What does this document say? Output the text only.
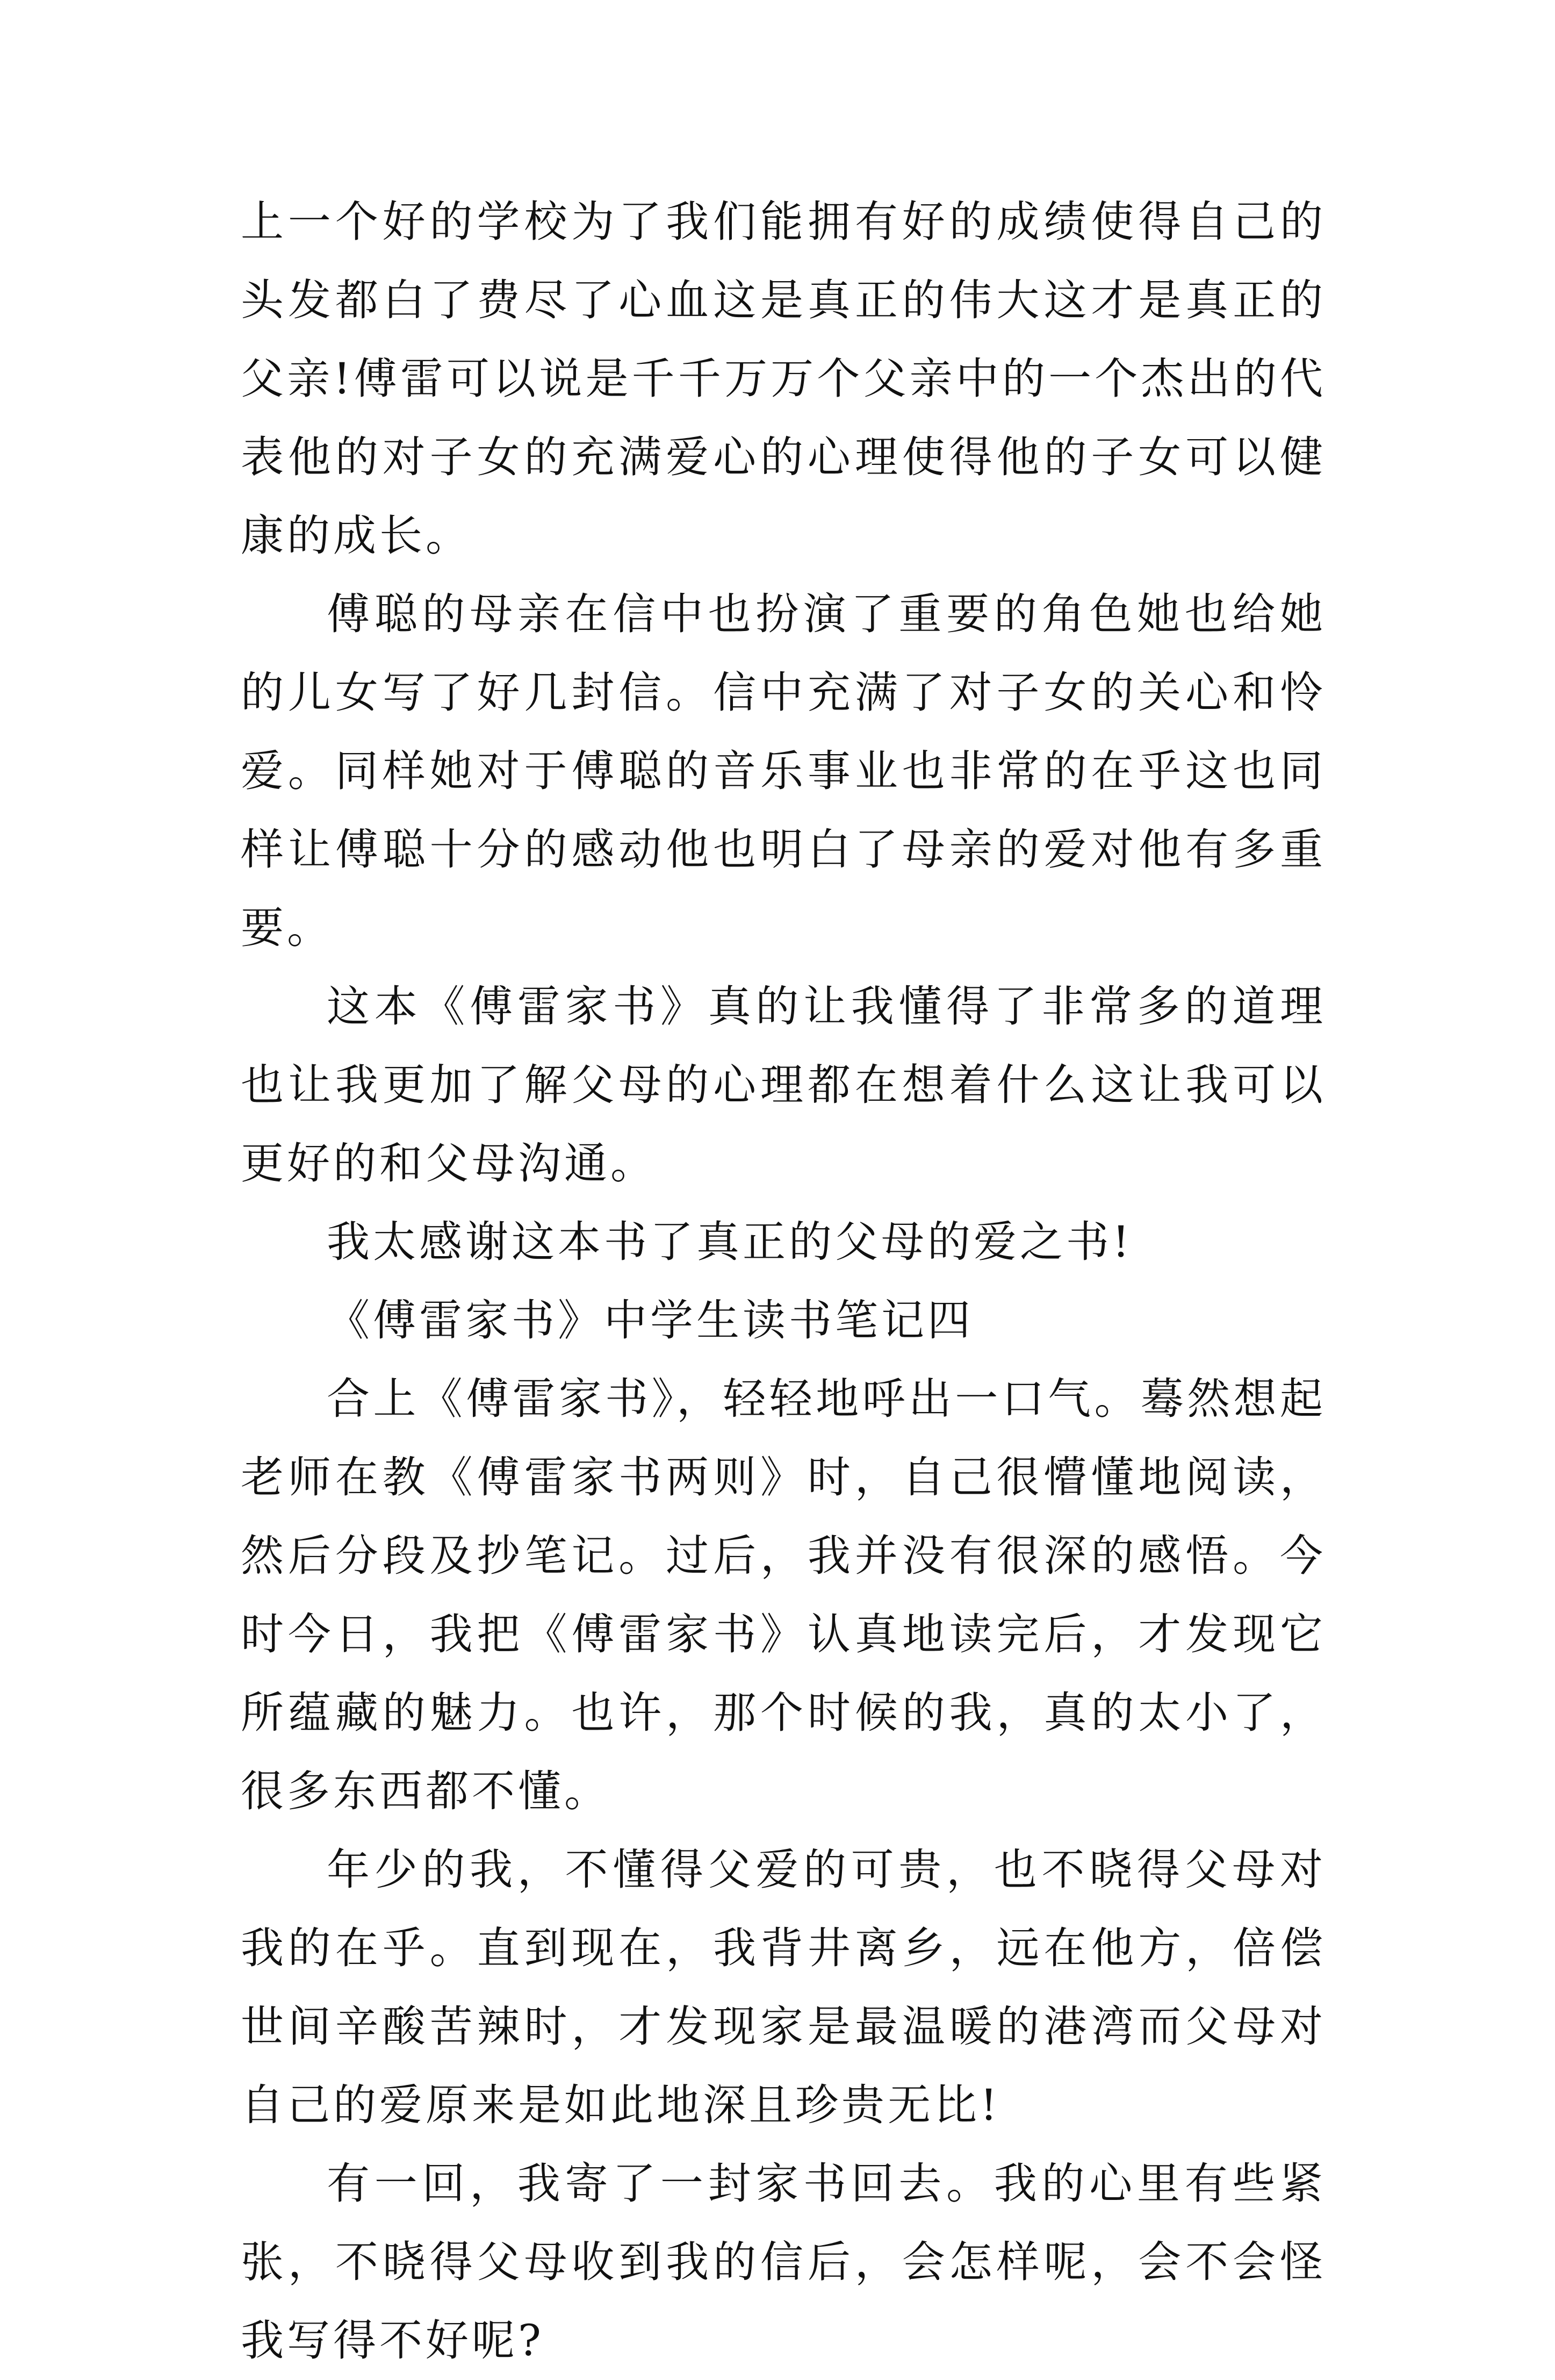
上一个好的学校为了我们能拥有好的成绩使得自己的头发都白了费尽了心血这是真正的伟大这才是真正的父亲!傅雷可以说是千千万万个父亲中的一个杰出的代表他的对子女的充满爱心的心理使得他的子女可以健康的成长。

傅聪的母亲在信中也扮演了重要的角色她也给她的儿女写了好几封信。信中充满了对子女的关心和怜爱。同样她对于傅聪的音乐事业也非常的在乎这也同样让傅聪十分的感动他也明白了母亲的爱对他有多重要。

这本《傅雷家书》真的让我懂得了非常多的道理也让我更加了解父母的心理都在想着什么这让我可以更好的和父母沟通。

我太感谢这本书了真正的父母的爱之书!

《傅雷家书》中学生读书笔记四

合上《傅雷家书》，轻轻地呼出一口气。蓦然想起老师在教《傅雷家书两则》时，自己很懵懂地阅读，然后分段及抄笔记。过后，我并没有很深的感悟。今时今日，我把《傅雷家书》认真地读完后，才发现它所蕴藏的魅力。也许，那个时候的我，真的太小了，很多东西都不懂。

年少的我，不懂得父爱的可贵，也不晓得父母对我的在乎。直到现在，我背井离乡，远在他方，倍偿世间辛酸苦辣时，才发现家是最温暖的港湾而父母对自己的爱原来是如此地深且珍贵无比!

有一回，我寄了一封家书回去。我的心里有些紧张，不晓得父母收到我的信后，会怎样呢，会不会怪我写得不好呢?
